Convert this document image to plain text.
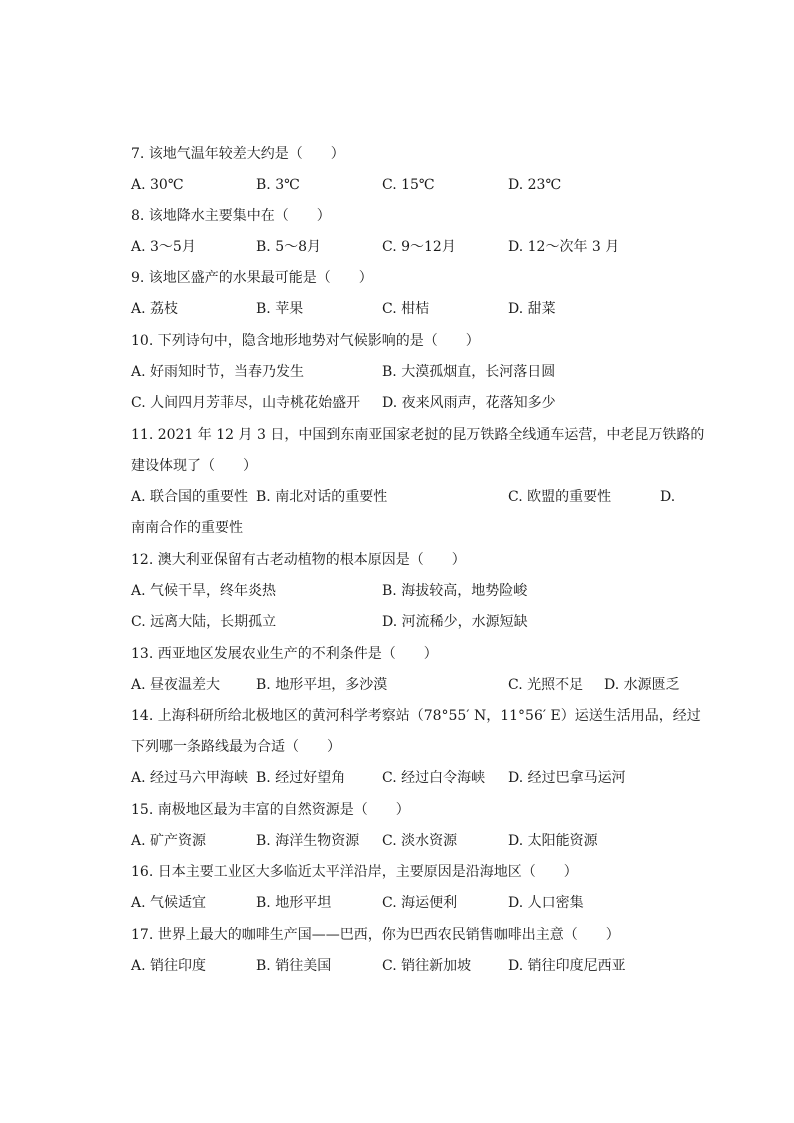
7. 该地气温年较差大约是（　　）
A. 30℃	B. 3℃	C. 15℃	D. 23℃
8. 该地降水主要集中在（　　）
A. 3～5月	B. 5～8月	C. 9～12月	D. 12～次年 3 月
9. 该地区盛产的水果最可能是（　　）
A. 荔枝	B. 苹果	C. 柑桔	D. 甜菜
10. 下列诗句中，隐含地形地势对气候影响的是（　　）
A. 好雨知时节，当春乃发生	B. 大漠孤烟直，长河落日圆
C. 人间四月芳菲尽，山寺桃花始盛开 D. 夜来风雨声，花落知多少
11. 2021 年 12 月 3 日，中国到东南亚国家老挝的昆万铁路全线通车运营，中老昆万铁路的
建设体现了（　　）
A. 联合国的重要性 B. 南北对话的重要性	C. 欧盟的重要性	D.
南南合作的重要性
12. 澳大利亚保留有古老动植物的根本原因是（　　）
A. 气候干旱，终年炎热	B. 海拔较高，地势险峻
C. 远离大陆，长期孤立	D. 河流稀少，水源短缺
13. 西亚地区发展农业生产的不利条件是（　　）
A. 昼夜温差大	B. 地形平坦，多沙漠	C. 光照不足 D. 水源匮乏
14. 上海科研所给北极地区的黄河科学考察站（78°55′ N，11°56′ E）运送生活用品，经过
下列哪一条路线最为合适（　　）
A. 经过马六甲海峡 B. 经过好望角	C. 经过白令海峡 D. 经过巴拿马运河
15. 南极地区最为丰富的自然资源是（　　）
A. 矿产资源	B. 海洋生物资源 C. 淡水资源	D. 太阳能资源
16. 日本主要工业区大多临近太平洋沿岸，主要原因是沿海地区（　　）
A. 气候适宜	B. 地形平坦	C. 海运便利	D. 人口密集
17. 世界上最大的咖啡生产国——巴西，你为巴西农民销售咖啡出主意（　　）
A. 销往印度	B. 销往美国	C. 销往新加坡	D. 销往印度尼西亚
